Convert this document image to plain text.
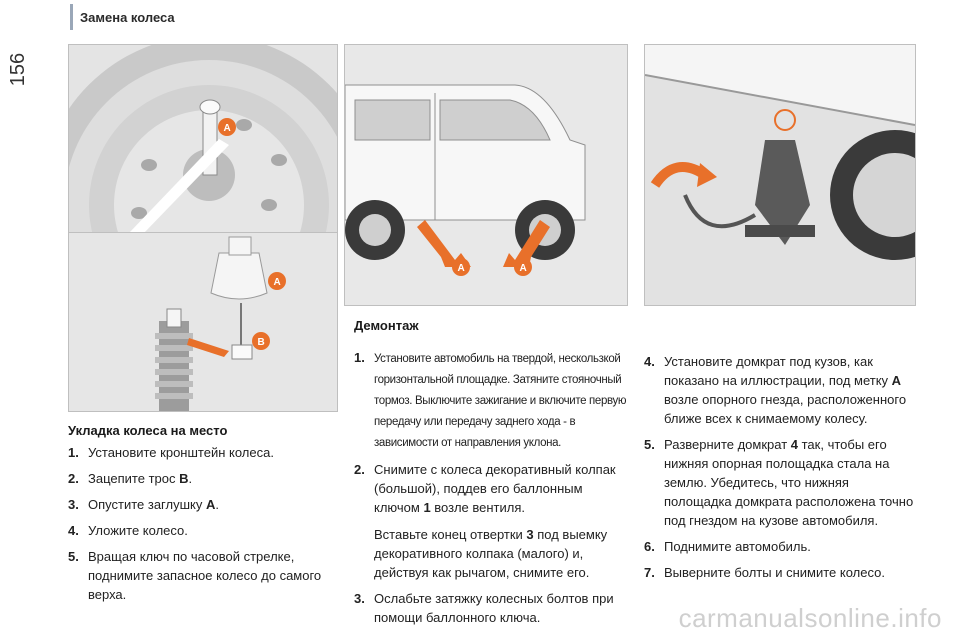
Замена колеса
156
A
A
B
A	A
Укладка колеса на место
1. Установите кронштейн колеса.
2. Зацепите трос B.
3. Опустите заглушку A.
4. Уложите колесо.
5. Вращая ключ по часовой стрелке, поднимите запасное колесо до самого верха.
Демонтаж
1. Установите автомобиль на твердой, нескользкой горизонтальной площадке. Затяните стояночный тормоз. Выключите зажигание и включите первую передачу или передачу заднего хода - в зависимости от направления уклона.
2. Снимите с колеса декоративный колпак (большой), поддев его баллонным ключом 1 возле вентиля.
Вставьте конец отвертки 3 под выемку декоративного колпака (малого) и, действуя как рычагом, снимите его.
3. Ослабьте затяжку колесных болтов при помощи баллонного ключа.
4. Установите домкрат под кузов, как показано на иллюстрации, под метку A возле опорного гнезда, расположенного ближе всех к снимаемому колесу.
5. Разверните домкрат 4 так, чтобы его нижняя опорная полощадка стала на землю. Убедитесь, что нижняя полощадка домкрата расположена точно под гнездом на кузове автомобиля.
6. Поднимите автомобиль.
7. Выверните болты и снимите колесо.
carmanualsonline.info
